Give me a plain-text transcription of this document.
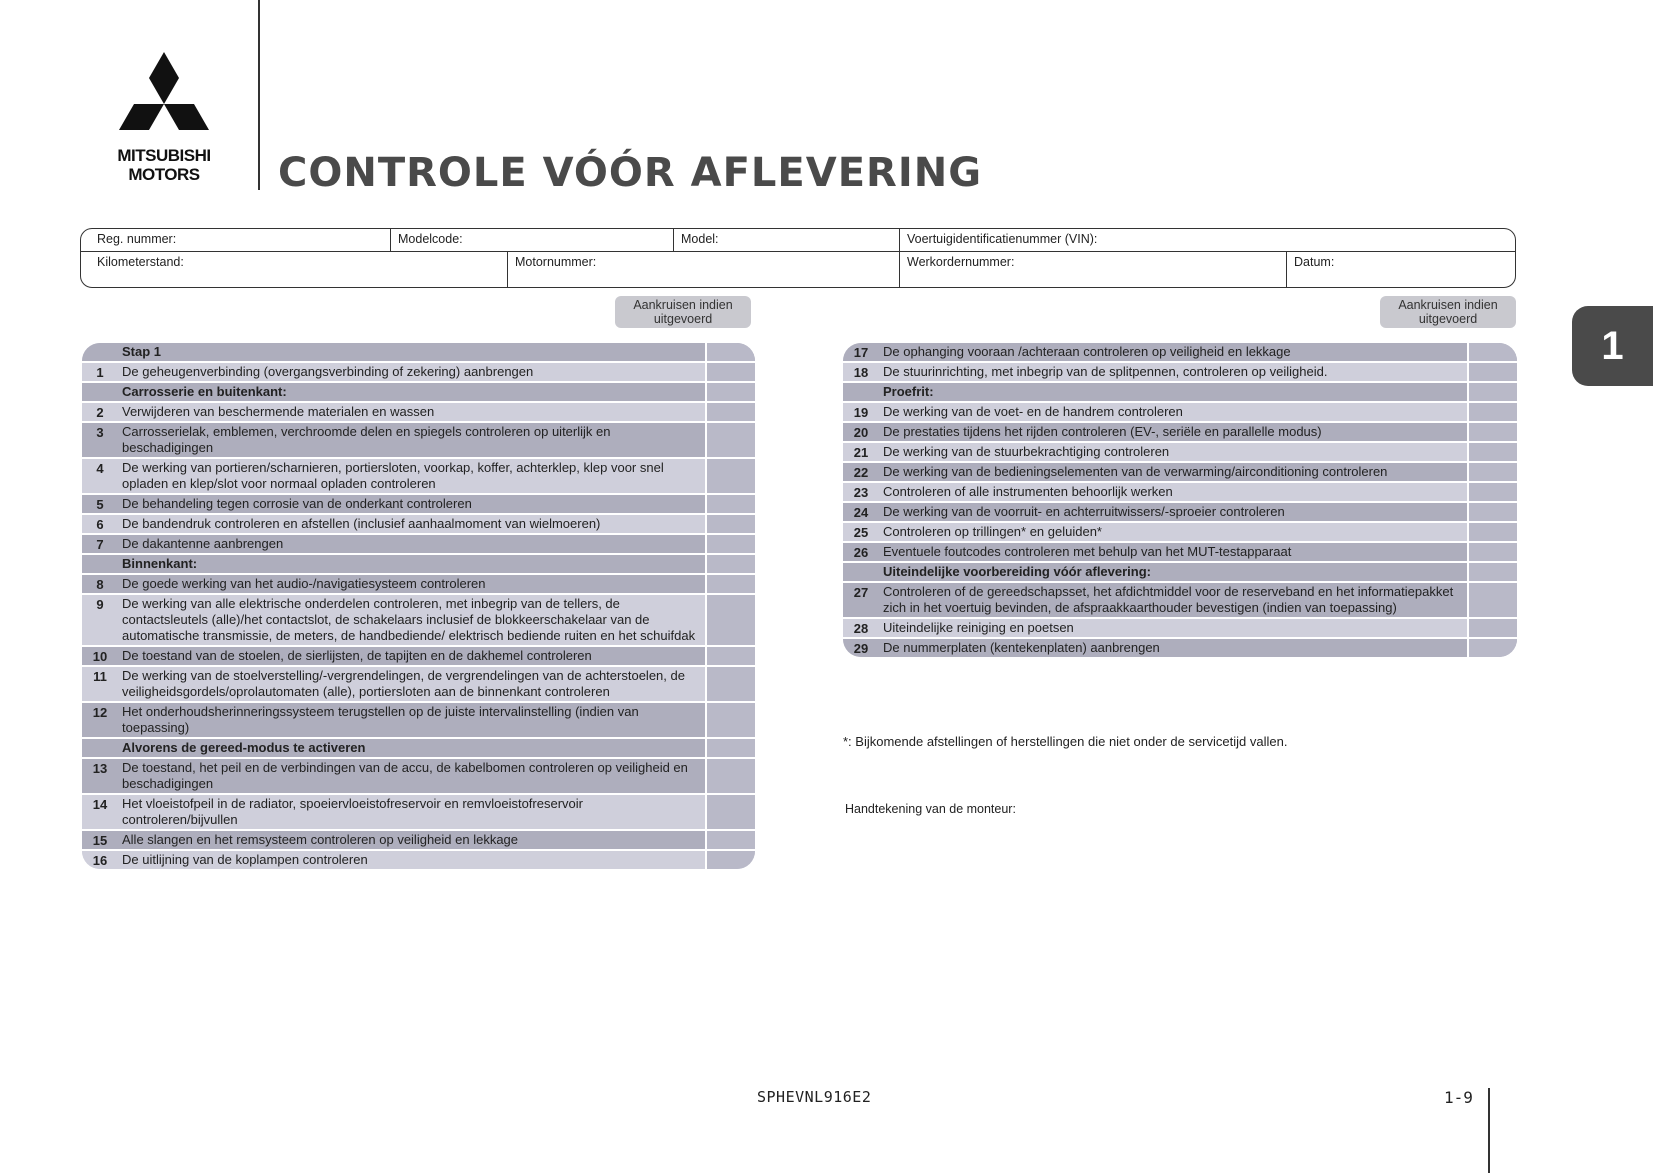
MITSUBISHI
MOTORS	CONTROLE VÓÓR AFLEVERING
1
Reg. nummer:	Modelcode:	Model:	Voertuigidentificatienummer (VIN):
Kilometerstand:	Motornummer:	Werkordernummer:	Datum:
Aankruisen indien
uitgevoerd
Aankruisen indien
uitgevoerd
Stap 1
1	De geheugenverbinding (overgangsverbinding of zekering) aanbrengen
Carrosserie en buitenkant:
2	Verwijderen van beschermende materialen en wassen
3	Carrosserielak, emblemen, verchroomde delen en spiegels controleren op uiterlijk en beschadigingen
4	De werking van portieren/scharnieren, portiersloten, voorkap, koffer, achterklep, klep voor snel opladen en klep/slot voor normaal opladen controleren
5	De behandeling tegen corrosie van de onderkant controleren
6	De bandendruk controleren en afstellen (inclusief aanhaalmoment van wielmoeren)
7	De dakantenne aanbrengen
Binnenkant:
8	De goede werking van het audio-/navigatiesysteem controleren
9	De werking van alle elektrische onderdelen controleren, met inbegrip van de tellers, de contactsleutels (alle)/het contactslot, de schakelaars inclusief de blokkeerschakelaar van de automatische transmissie, de meters, de handbediende/ elektrisch bediende ruiten en het schuifdak
10	De toestand van de stoelen, de sierlijsten, de tapijten en de dakhemel controleren
11	De werking van de stoelverstelling/-vergrendelingen, de vergrendelingen van de achterstoelen, de veiligheidsgordels/oprolautomaten (alle), portiersloten aan de binnenkant controleren
12	Het onderhoudsherinneringssysteem terugstellen op de juiste intervalinstelling (indien van toepassing)
Alvorens de gereed-modus te activeren
13	De toestand, het peil en de verbindingen van de accu, de kabelbomen controleren op veiligheid en beschadigingen
14	Het vloeistofpeil in de radiator, spoeiervloeistofreservoir en remvloeistofreservoir controleren/bijvullen
15	Alle slangen en het remsysteem controleren op veiligheid en lekkage
16	De uitlijning van de koplampen controleren
17	De ophanging vooraan /achteraan controleren op veiligheid en lekkage
18	De stuurinrichting, met inbegrip van de splitpennen, controleren op veiligheid.
Proefrit:
19	De werking van de voet- en de handrem controleren
20	De prestaties tijdens het rijden controleren (EV-, seriële en parallelle modus)
21	De werking van de stuurbekrachtiging controleren
22	De werking van de bedieningselementen van de verwarming/airconditioning controleren
23	Controleren of alle instrumenten behoorlijk werken
24	De werking van de voorruit- en achterruitwissers/-sproeier controleren
25	Controleren op trillingen* en geluiden*
26	Eventuele foutcodes controleren met behulp van het MUT-testapparaat
Uiteindelijke voorbereiding vóór aflevering:
27	Controleren of de gereedschapsset, het afdichtmiddel voor de reserveband en het informatiepakket zich in het voertuig bevinden, de afspraakkaarthouder bevestigen (indien van toepassing)
28	Uiteindelijke reiniging en poetsen
29	De nummerplaten (kentekenplaten) aanbrengen
*: Bijkomende afstellingen of herstellingen die niet onder de servicetijd vallen.
Handtekening van de monteur:
SPHEVNL916E2	1-9
